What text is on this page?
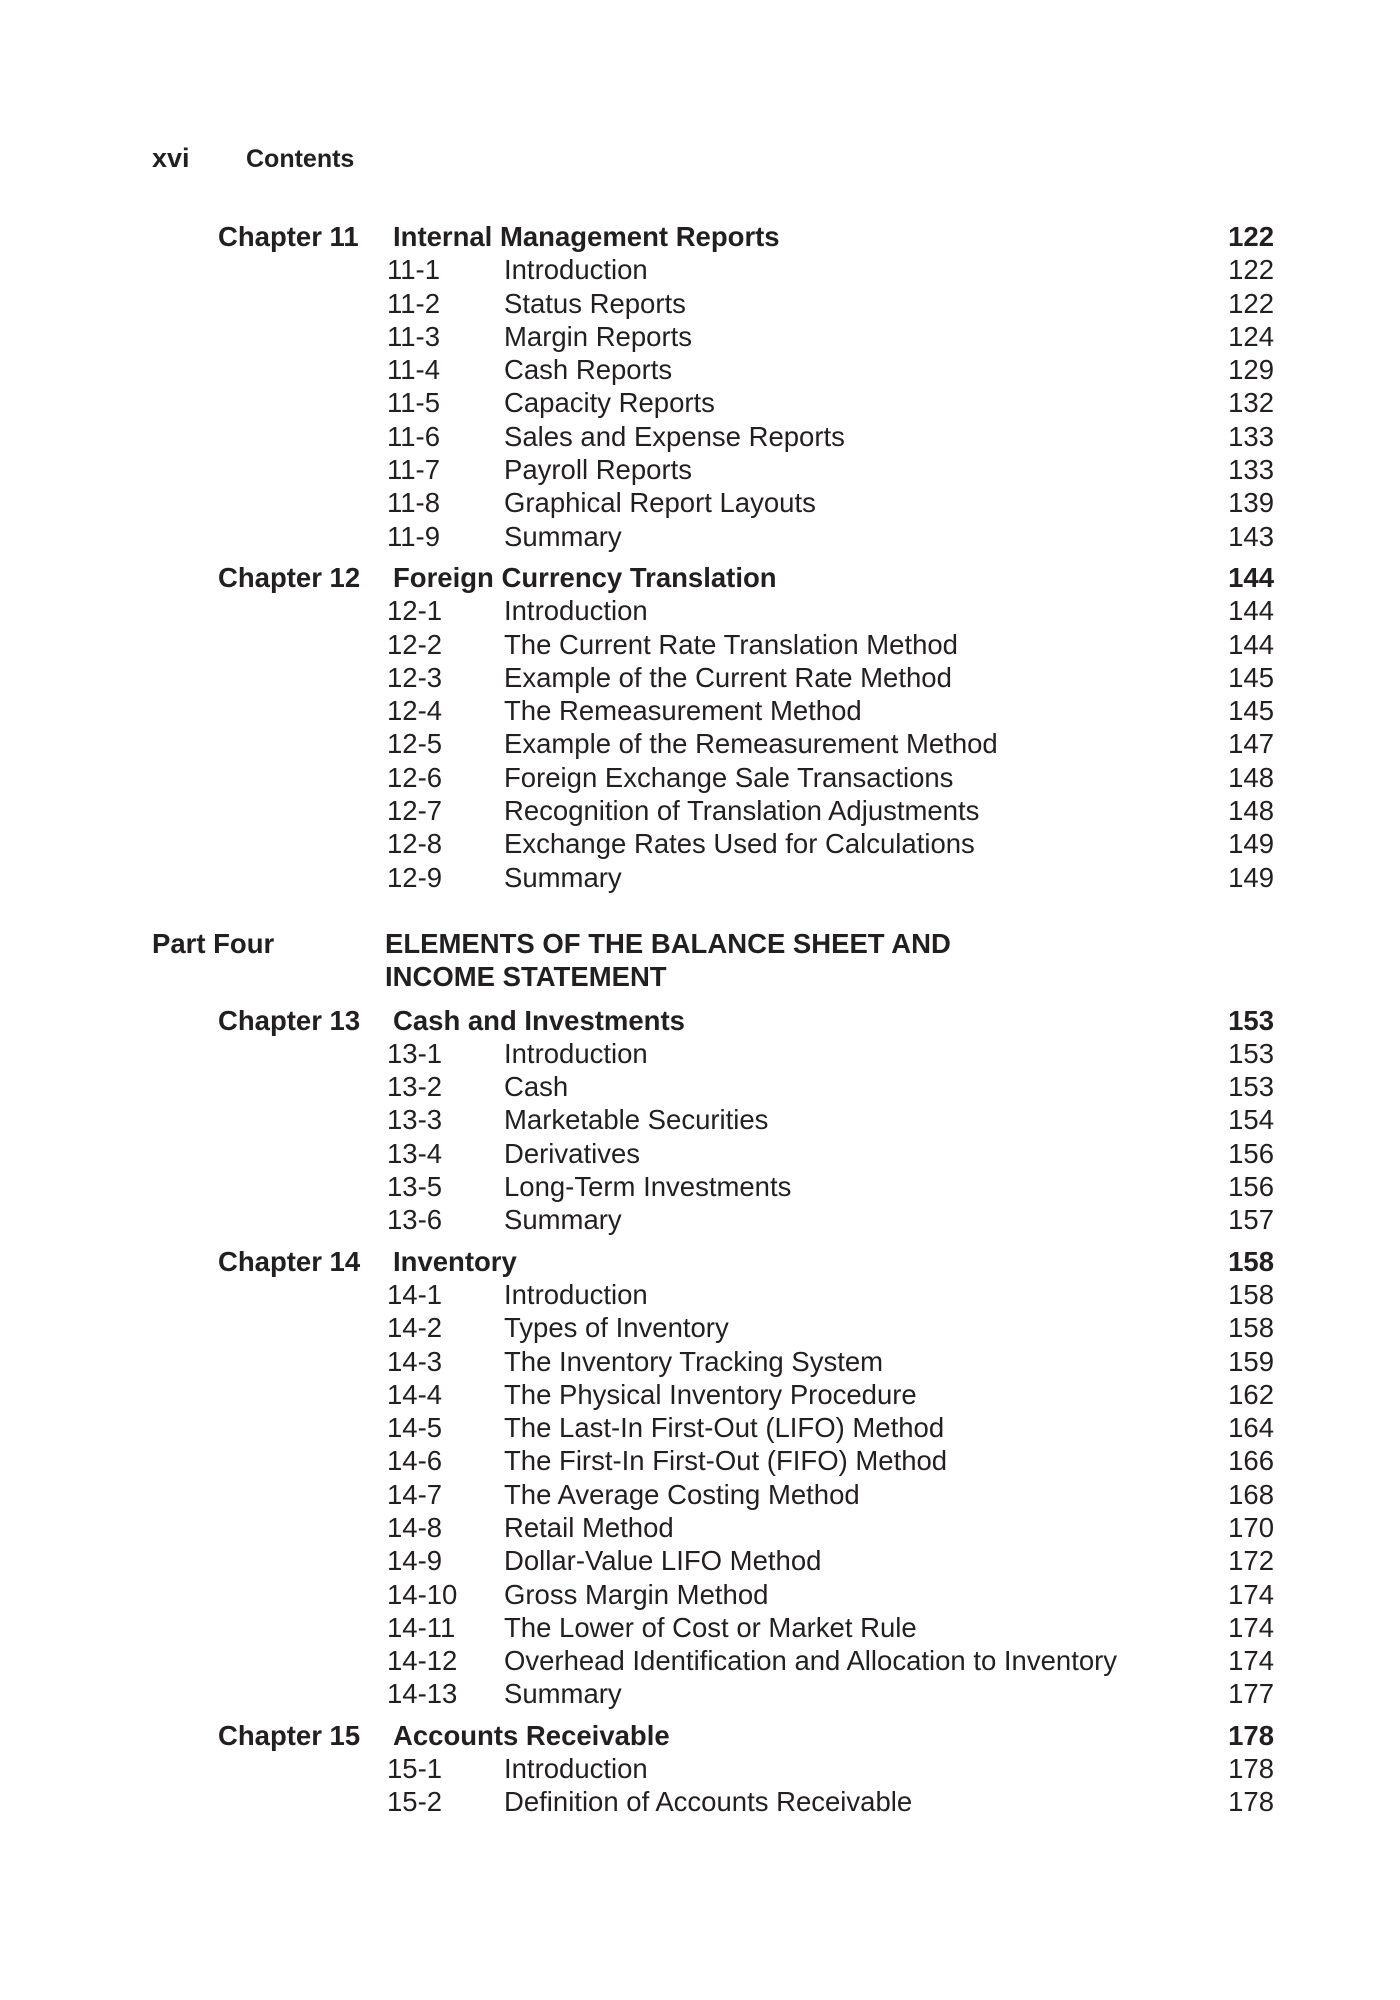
xvi	Contents
Chapter 11 Internal Management Reports	122
11-1 Introduction	122
11-2 Status Reports	122
11-3 Margin Reports	124
11-4 Cash Reports	129
11-5 Capacity Reports	132
11-6 Sales and Expense Reports	133
11-7 Payroll Reports	133
11-8 Graphical Report Layouts	139
11-9 Summary	143
Chapter 12 Foreign Currency Translation	144
12-1 Introduction	144
12-2 The Current Rate Translation Method	144
12-3 Example of the Current Rate Method	145
12-4 The Remeasurement Method	145
12-5 Example of the Remeasurement Method	147
12-6 Foreign Exchange Sale Transactions	148
12-7 Recognition of Translation Adjustments	148
12-8 Exchange Rates Used for Calculations	149
12-9 Summary	149
Part Four	ELEMENTS OF THE BALANCE SHEET AND
INCOME STATEMENT
Chapter 13 Cash and Investments	153
13-1 Introduction	153
13-2 Cash	153
13-3 Marketable Securities	154
13-4 Derivatives	156
13-5 Long-Term Investments	156
13-6 Summary	157
Chapter 14 Inventory	158
14-1 Introduction	158
14-2 Types of Inventory	158
14-3 The Inventory Tracking System	159
14-4 The Physical Inventory Procedure	162
14-5 The Last-In First-Out (LIFO) Method	164
14-6 The First-In First-Out (FIFO) Method	166
14-7 The Average Costing Method	168
14-8 Retail Method	170
14-9 Dollar-Value LIFO Method	172
14-10 Gross Margin Method	174
14-11 The Lower of Cost or Market Rule	174
14-12 Overhead Identification and Allocation to Inventory	174
14-13 Summary	177
Chapter 15 Accounts Receivable	178
15-1 Introduction	178
15-2 Definition of Accounts Receivable	178
